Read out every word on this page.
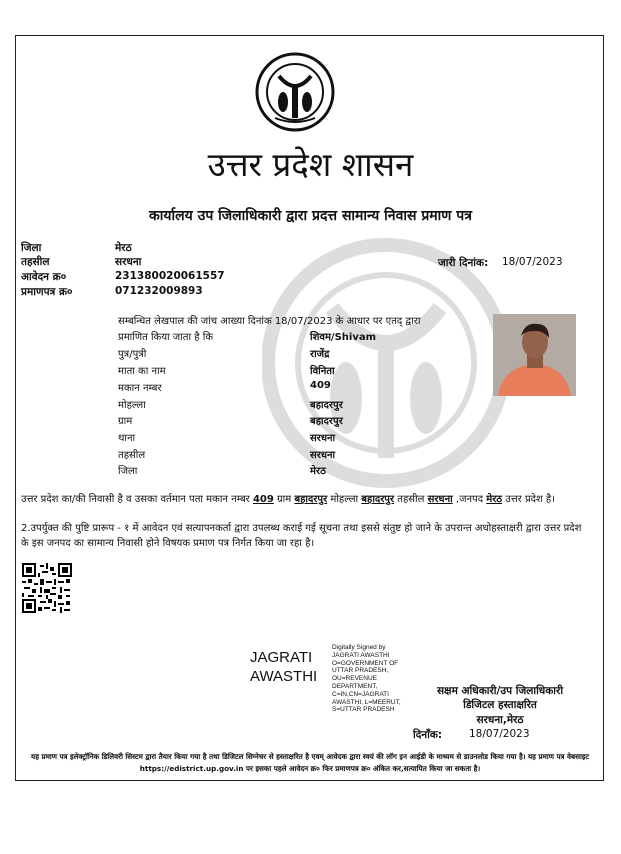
उत्तर प्रदेश शासन
कार्यालय उप जिलाधिकारी द्वारा प्रदत्त सामान्य निवास प्रमाण पत्र
जिला	मेरठ
तहसील	सरधना
आवेदन क्र०	231380020061557
प्रमाणपत्र क्र०	071232009893
जारी दिनांक: 18/07/2023
सम्बन्धित लेखपाल की जांच आख्या दिनांक 18/07/2023 के आधार पर एतद् द्वारा
प्रमाणित किया जाता है कि	शिवम/Shivam
पुत्र/पुत्री	राजेंद्र
माता का नाम	विनिता
मकान नम्बर	409
मोहल्ला	बहादरपुर
ग्राम	बहादरपुर
थाना	सरधना
तहसील	सरधना
जिला	मेरठ
उत्तर प्रदेश का/की निवासी है व उसका वर्तमान पता मकान नम्बर 409 ग्राम बहादरपुर मोहल्ला बहादरपुर तहसील सरधना ,जनपद मेरठ उत्तर प्रदेश है।
2.उपर्युक्त की पुष्टि प्रारूप - १ में आवेदन एवं सत्यापनकर्ता द्वारा उपलब्ध कराई गई सूचना तथा इससे संतुष्ट हो जाने के उपरान्त अधोहस्ताक्षरी द्वारा उत्तर प्रदेश के इस जनपद का सामान्य निवासी होने विषयक प्रमाण पत्र निर्गत किया जा रहा है।
JAGRATI
AWASTHI
Digitally Signed by JAGRATI AWASTHI O=GOVERNMENT OF UTTAR PRADESH, OU=REVENUE DEPARTMENT, C=IN,CN=JAGRATI AWASTHI, L=MEERUT, S=UTTAR PRADESH
सक्षम अधिकारी/उप जिलाधिकारी
डिजिटल हस्ताक्षरित
सरधना,मेरठ
दिनाँक:	18/07/2023
यह प्रमाण पत्र इलेक्ट्रॉनिक डिलिवरी सिस्टम द्वारा तैयार किया गया है तथा डिजिटल सिग्नेचर से हस्ताक्षरित है एवम् आवेदक द्वारा स्वयं की लॉग इन आईडी के माध्यम से डाउनलोड किया गया है। यह प्रमाण पत्र वेबसाइट https://edistrict.up.gov.in पर इसका पहले आवेदन क्र० फिर प्रमाणपत्र क्र० अंकित कर,सत्यापित किया जा सकता है।
